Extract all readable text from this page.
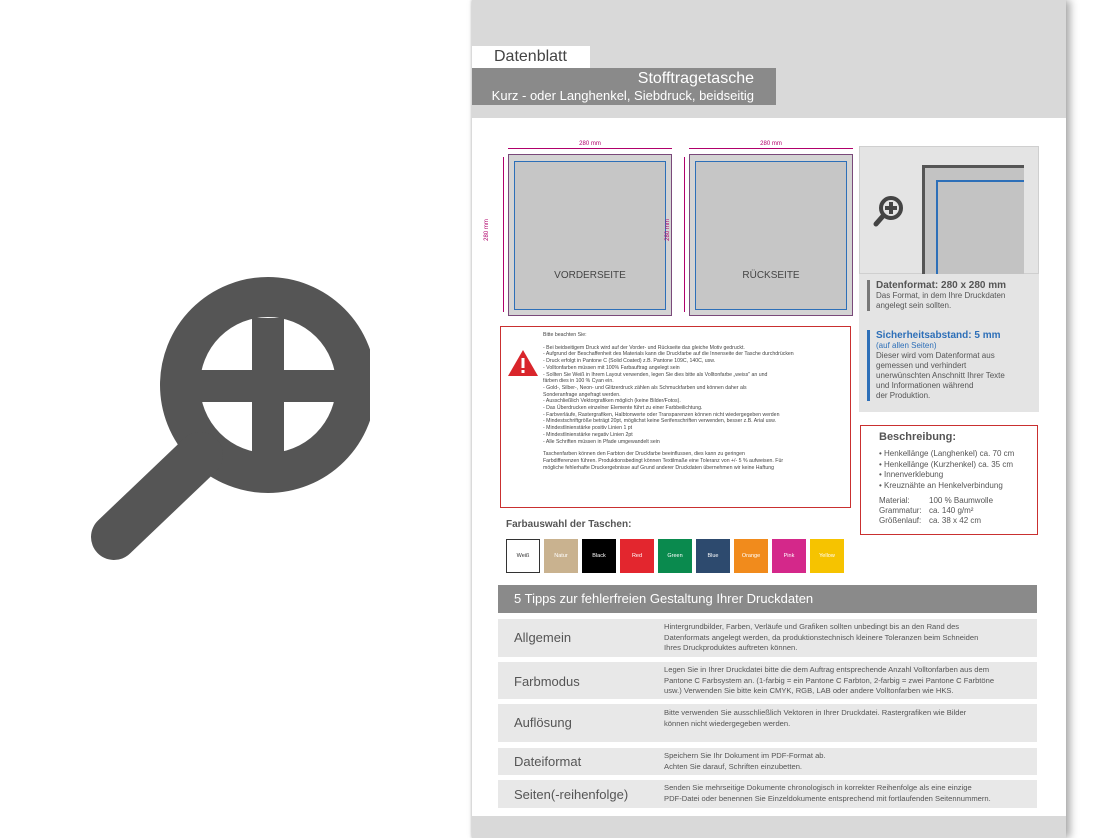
Datenblatt
Stofftragetasche
Kurz - oder Langhenkel, Siebdruck, beidseitig
280 mm
280 mm
VORDERSEITE
280 mm
280 mm
RÜCKSEITE
Datenformat: 280 x 280 mm
Das Format, in dem Ihre Druckdaten
angelegt sein sollten.
Sicherheitsabstand: 5 mm
(auf allen Seiten)
Dieser wird vom Datenformat aus
gemessen und verhindert
unerwünschten Anschnitt Ihrer Texte
und Informationen während
der Produktion.
Beschreibung:
• Henkellänge (Langhenkel) ca. 70 cm
• Henkellänge (Kurzhenkel) ca. 35 cm
• Innenverklebung
• Kreuznähte an Henkelverbindung
Material: 100 % Baumwolle
Grammatur: ca. 140 g/m²
Größenlauf: ca. 38 x 42 cm
Bitte beachten Sie:
- Bei beidseitigem Druck wird auf der Vorder- und Rückseite das gleiche Motiv gedruckt.
- Aufgrund der Beschaffenheit des Materials kann die Druckfarbe auf die Innenseite der Tasche durchdrücken
- Druck erfolgt in Pantone C (Solid Coated) z.B. Pantone 109C, 140C, usw.
- Volltonfarben müssen mit 100% Farbauftrag angelegt sein
- Sollten Sie Weiß in Ihrem Layout verwenden, legen Sie dies bitte als Volltonfarbe „weiss" an und
färben dies in 100 % Cyan ein.
- Gold-, Silber-, Neon- und Glitzerdruck zählen als Schmuckfarben und können daher als
Sonderanfrage angefragt werden.
- Ausschließlich Vektorgrafiken möglich (keine Bilder/Fotos).
- Das Überdrucken einzelner Elemente führt zu einer Farbbeilichtung.
- Farbverläufe, Rastergrafiken, Halbtonwerte oder Transparenzen können nicht wiedergegeben werden
- Mindestschriftgröße beträgt 20pt, möglichst keine Serifenschriften verwenden, besser z.B. Arial usw.
- Mindestlinienstärke positiv Linien 1 pt
- Mindestlinienstärke negativ Linien 2pt
- Alle Schriften müssen in Pfade umgewandelt sein
Taschenfarben können den Farbton der Druckfarbe beeinflussen, dies kann zu geringen
Farbdifferenzen führen. Produktionsbedingt können Textilmaße eine Toleranz von +/- 5 % aufweisen. Für
mögliche fehlerhafte Druckergebnisse auf Grund anderer Druckdaten übernehmen wir keine Haftung
Farbauswahl der Taschen:
Weiß	Natur	Black	Red	Green	Blue	Orange	Pink	Yellow
5 Tipps zur fehlerfreien Gestaltung Ihrer Druckdaten
Allgemein
Hintergrundbilder, Farben, Verläufe und Grafiken sollten unbedingt bis an den Rand des
Datenformats angelegt werden, da produktionstechnisch kleinere Toleranzen beim Schneiden
Ihres Druckproduktes auftreten können.
Farbmodus
Legen Sie in Ihrer Druckdatei bitte die dem Auftrag entsprechende Anzahl Volltonfarben aus dem
Pantone C Farbsystem an. (1-farbig = ein Pantone C Farbton, 2-farbig = zwei Pantone C Farbtöne
usw.) Verwenden Sie bitte kein CMYK, RGB, LAB oder andere Volltonfarben wie HKS.
Auflösung
Bitte verwenden Sie ausschließlich Vektoren in Ihrer Druckdatei. Rastergrafiken wie Bilder
können nicht wiedergegeben werden.
Dateiformat	Speichern Sie Ihr Dokument im PDF-Format ab.
Achten Sie darauf, Schriften einzubetten.
Seiten(-reihenfolge)	Senden Sie mehrseitige Dokumente chronologisch in korrekter Reihenfolge als eine einzige
PDF-Datei oder benennen Sie Einzeldokumente entsprechend mit fortlaufenden Seitennummern.
